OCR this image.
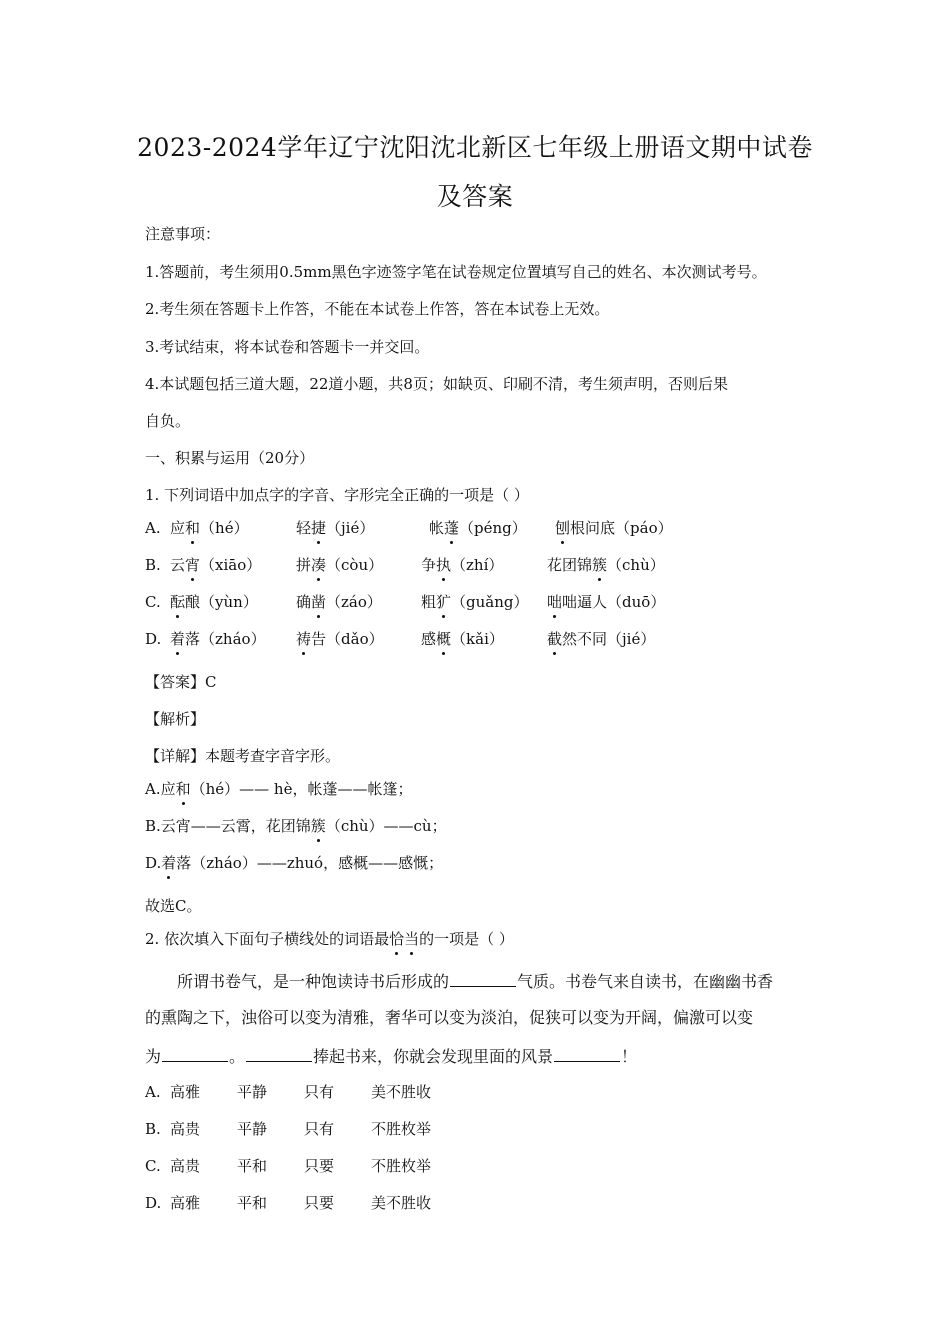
2023-2024学年辽宁沈阳沈北新区七年级上册语文期中试卷
及答案
注意事项：
1.答题前，考生须用0.5mm黑色字迹签字笔在试卷规定位置填写自己的姓名、本次测试考号。
2.考生须在答题卡上作答，不能在本试卷上作答，答在本试卷上无效。
3.考试结束，将本试卷和答题卡一并交回。
4.本试题包括三道大题，22道小题，共8页；如缺页、印刷不清，考生须声明，否则后果
自负。
一、积累与运用（20分）
1. 下列词语中加点字的字音、字形完全正确的一项是（ ）
A. 应和（hé）	轻捷（jié）	帐蓬（péng） 刨根问底（páo）
B. 云宵（xiāo） 拼凑（còu）	争执（zhí）	花团锦簇（chù）
C. 酝酿（yùn）	确凿（záo）	粗犷（guǎng） 咄咄逼人（duō）
D. 着落（zháo） 祷告（dǎo） 感概（kǎi）	截然不同（jié）
【答案】C
【解析】
【详解】本题考查字音字形。
A.应和（hé）—— hè，帐蓬——帐篷；
B.云宵——云霄，花团锦簇（chù）——cù；
D.着落（zháo）——zhuó，感概——感慨；
故选C。
2. 依次填入下面句子横线处的词语最恰当的一项是（ ）
所谓书卷气，是一种饱读诗书后形成的	气质。书卷气来自读书，在幽幽书香
的熏陶之下，浊俗可以变为清雅，奢华可以变为淡泊，促狭可以变为开阔，偏激可以变
为	。	捧起书来，你就会发现里面的风景	！
A. 高雅 平静 只有 美不胜收
B. 高贵 平静 只有 不胜枚举
C. 高贵 平和 只要 不胜枚举
D. 高雅 平和 只要 美不胜收
